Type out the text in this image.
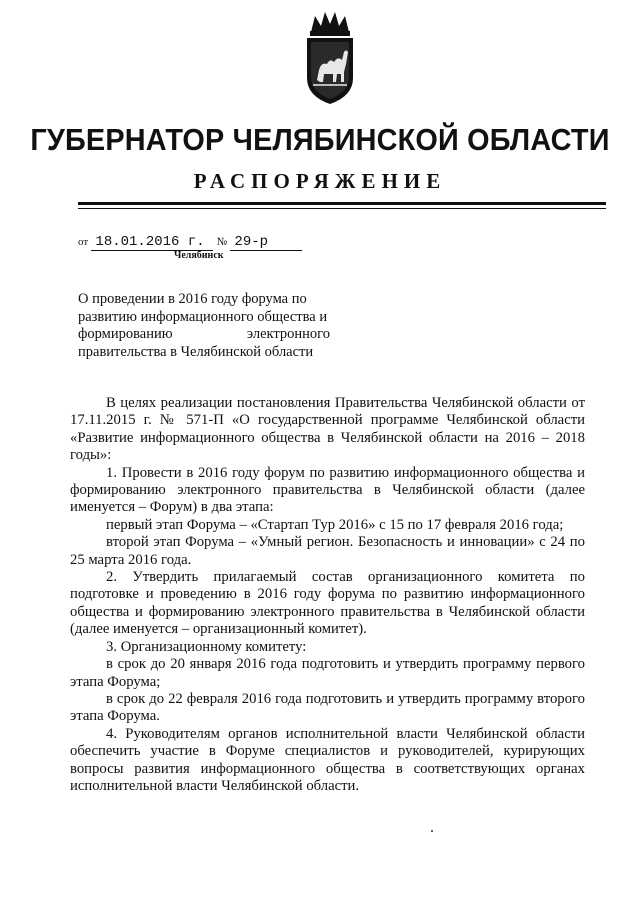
ГУБЕРНАТОР ЧЕЛЯБИНСКОЙ ОБЛАСТИ
РАСПОРЯЖЕНИЕ
от 18.01.2016 г. № 29-р
Челябинск
О проведении в 2016 году форума по
развитию информационного общества и
формированию	электронного
правительства в Челябинской области

В целях реализации постановления Правительства Челябинской области от 17.11.2015 г. № 571-П «О государственной программе Челябинской области «Развитие информационного общества в Челябинской области на 2016 – 2018 годы»:

1. Провести в 2016 году форум по развитию информационного общества и формированию электронного правительства в Челябинской области (далее именуется – Форум) в два этапа:

первый этап Форума – «Стартап Тур 2016» с 15 по 17 февраля 2016 года;

второй этап Форума – «Умный регион. Безопасность и инновации» с 24 по 25 марта 2016 года.

2. Утвердить прилагаемый состав организационного комитета по подготовке и проведению в 2016 году форума по развитию информационного общества и формированию электронного правительства в Челябинской области (далее именуется – организационный комитет).

3. Организационному комитету:

в срок до 20 января 2016 года подготовить и утвердить программу первого этапа Форума;

в срок до 22 февраля 2016 года подготовить и утвердить программу второго этапа Форума.

4. Руководителям органов исполнительной власти Челябинской области обеспечить участие в Форуме специалистов и руководителей, курирующих вопросы развития информационного общества в соответствующих органах исполнительной власти Челябинской области.
